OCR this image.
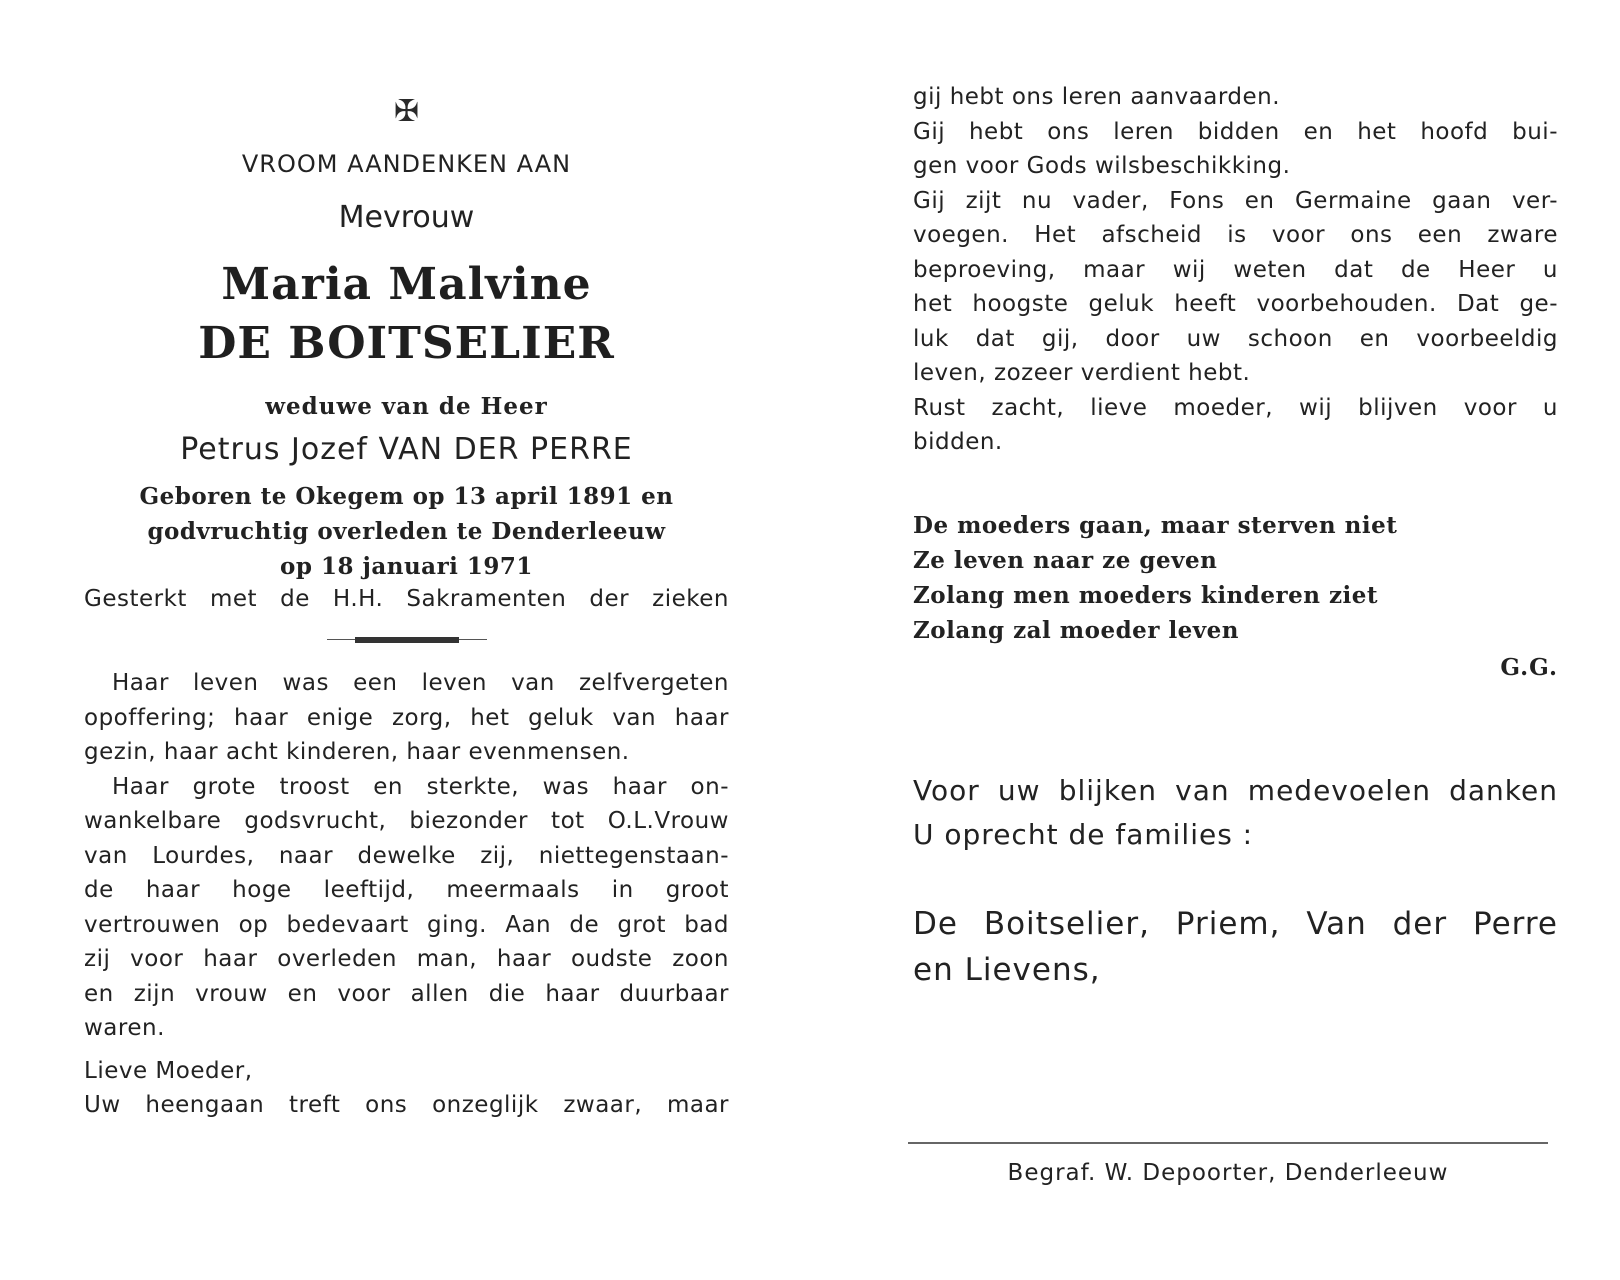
✠
VROOM AANDENKEN AAN
Mevrouw
Maria Malvine
DE BOITSELIER
weduwe van de Heer
Petrus Jozef VAN DER PERRE
Geboren te Okegem op 13 april 1891 en
godvruchtig overleden te Denderleeuw
op 18 januari 1971
Gesterkt met de H.H. Sakramenten der zieken
Haar leven was een leven van zelfvergeten
opoffering; haar enige zorg, het geluk van haar
gezin, haar acht kinderen, haar evenmensen.
Haar grote troost en sterkte, was haar on-
wankelbare godsvrucht, biezonder tot O.L.Vrouw
van Lourdes, naar dewelke zij, niettegenstaan-
de haar hoge leeftijd, meermaals in groot
vertrouwen op bedevaart ging. Aan de grot bad
zij voor haar overleden man, haar oudste zoon
en zijn vrouw en voor allen die haar duurbaar
waren.
Lieve Moeder,
Uw heengaan treft ons onzeglijk zwaar, maar
gij hebt ons leren aanvaarden.
Gij hebt ons leren bidden en het hoofd bui-
gen voor Gods wilsbeschikking.
Gij zijt nu vader, Fons en Germaine gaan ver-
voegen. Het afscheid is voor ons een zware
beproeving, maar wij weten dat de Heer u
het hoogste geluk heeft voorbehouden. Dat ge-
luk dat gij, door uw schoon en voorbeeldig
leven, zozeer verdient hebt.
Rust zacht, lieve moeder, wij blijven voor u
bidden.
De moeders gaan, maar sterven niet
Ze leven naar ze geven
Zolang men moeders kinderen ziet
Zolang zal moeder leven
G.G.
Voor uw blijken van medevoelen danken
U oprecht de families :
De Boitselier, Priem, Van der Perre
en Lievens,
Begraf. W. Depoorter, Denderleeuw
